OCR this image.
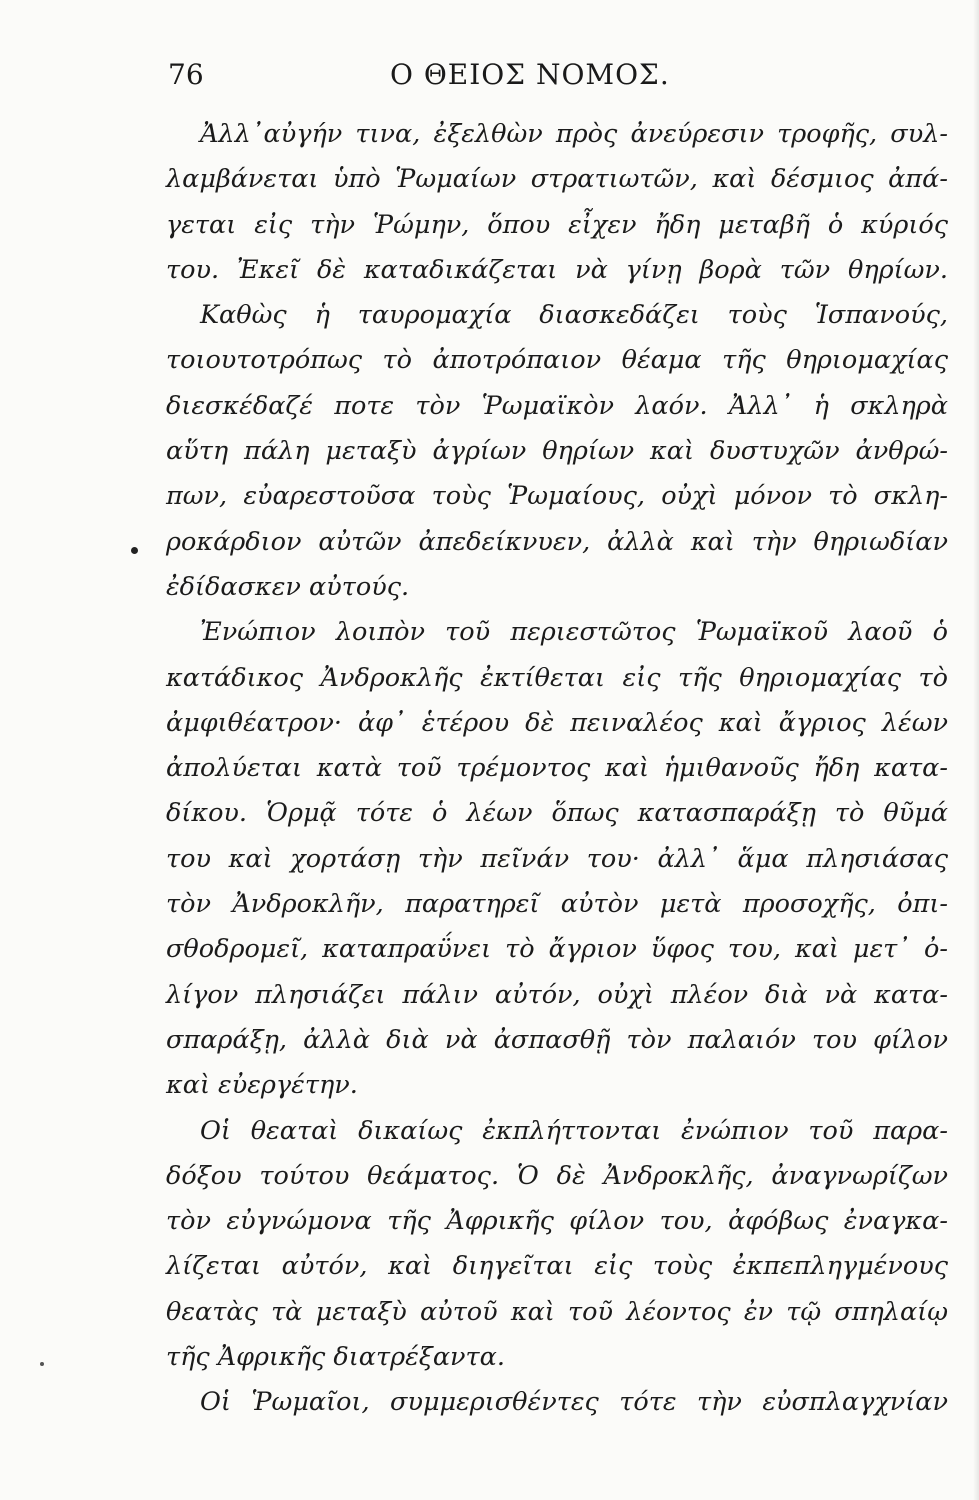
76	Ο ΘΕΙΟΣ ΝΟΜΟΣ.
Ἀλλ᾽αὐγήν τινα, ἐξελθὼν πρὸς ἀνεύρεσιν τροφῆς, συλ-
λαμβάνεται ὑπὸ Ῥωμαίων στρατιωτῶν, καὶ δέσμιος ἀπά-
γεται εἰς τὴν Ῥώμην, ὅπου εἶχεν ἤδη μεταβῆ ὁ κύριός
του. Ἐκεῖ δὲ καταδικάζεται νὰ γίνῃ βορὰ τῶν θηρίων.
Καθὼς ἡ ταυρομαχία διασκεδάζει τοὺς Ἱσπανούς,
τοιουτοτρόπως τὸ ἀποτρόπαιον θέαμα τῆς θηριομαχίας
διεσκέδαζέ ποτε τὸν Ῥωμαϊκὸν λαόν. Ἀλλ᾽ ἡ σκληρὰ
αὕτη πάλη μεταξὺ ἀγρίων θηρίων καὶ δυστυχῶν ἀνθρώ-
πων, εὐαρεστοῦσα τοὺς Ῥωμαίους, οὐχὶ μόνον τὸ σκλη-
ροκάρδιον αὐτῶν ἀπεδείκνυεν, ἀλλὰ καὶ τὴν θηριωδίαν
ἐδίδασκεν αὐτούς.
Ἐνώπιον λοιπὸν τοῦ περιεστῶτος Ῥωμαϊκοῦ λαοῦ ὁ
κατάδικος Ἀνδροκλῆς ἐκτίθεται εἰς τῆς θηριομαχίας τὸ
ἀμφιθέατρον· ἀφ᾽ ἑτέρου δὲ πειναλέος καὶ ἄγριος λέων
ἀπολύεται κατὰ τοῦ τρέμοντος καὶ ἡμιθανοῦς ἤδη κατα-
δίκου. Ὁρμᾷ τότε ὁ λέων ὅπως κατασπαράξῃ τὸ θῦμά
του καὶ χορτάσῃ τὴν πεῖνάν του· ἀλλ᾽ ἅμα πλησιάσας
τὸν Ἀνδροκλῆν, παρατηρεῖ αὐτὸν μετὰ προσοχῆς, ὀπι-
σθοδρομεῖ, καταπραΰνει τὸ ἄγριον ὕφος του, καὶ μετ᾽ ὀ-
λίγον πλησιάζει πάλιν αὐτόν, οὐχὶ πλέον διὰ νὰ κατα-
σπαράξῃ, ἀλλὰ διὰ νὰ ἀσπασθῇ τὸν παλαιόν του φίλον
καὶ εὐεργέτην.
Οἱ θεαταὶ δικαίως ἐκπλήττονται ἐνώπιον τοῦ παρα-
δόξου τούτου θεάματος. Ὁ δὲ Ἀνδροκλῆς, ἀναγνωρίζων
τὸν εὐγνώμονα τῆς Ἀφρικῆς φίλον του, ἀφόβως ἐναγκα-
λίζεται αὐτόν, καὶ διηγεῖται εἰς τοὺς ἐκπεπληγμένους
θεατὰς τὰ μεταξὺ αὐτοῦ καὶ τοῦ λέοντος ἐν τῷ σπηλαίῳ
τῆς Ἀφρικῆς διατρέξαντα.
Οἱ Ῥωμαῖοι, συμμερισθέντες τότε τὴν εὐσπλαγχνίαν
